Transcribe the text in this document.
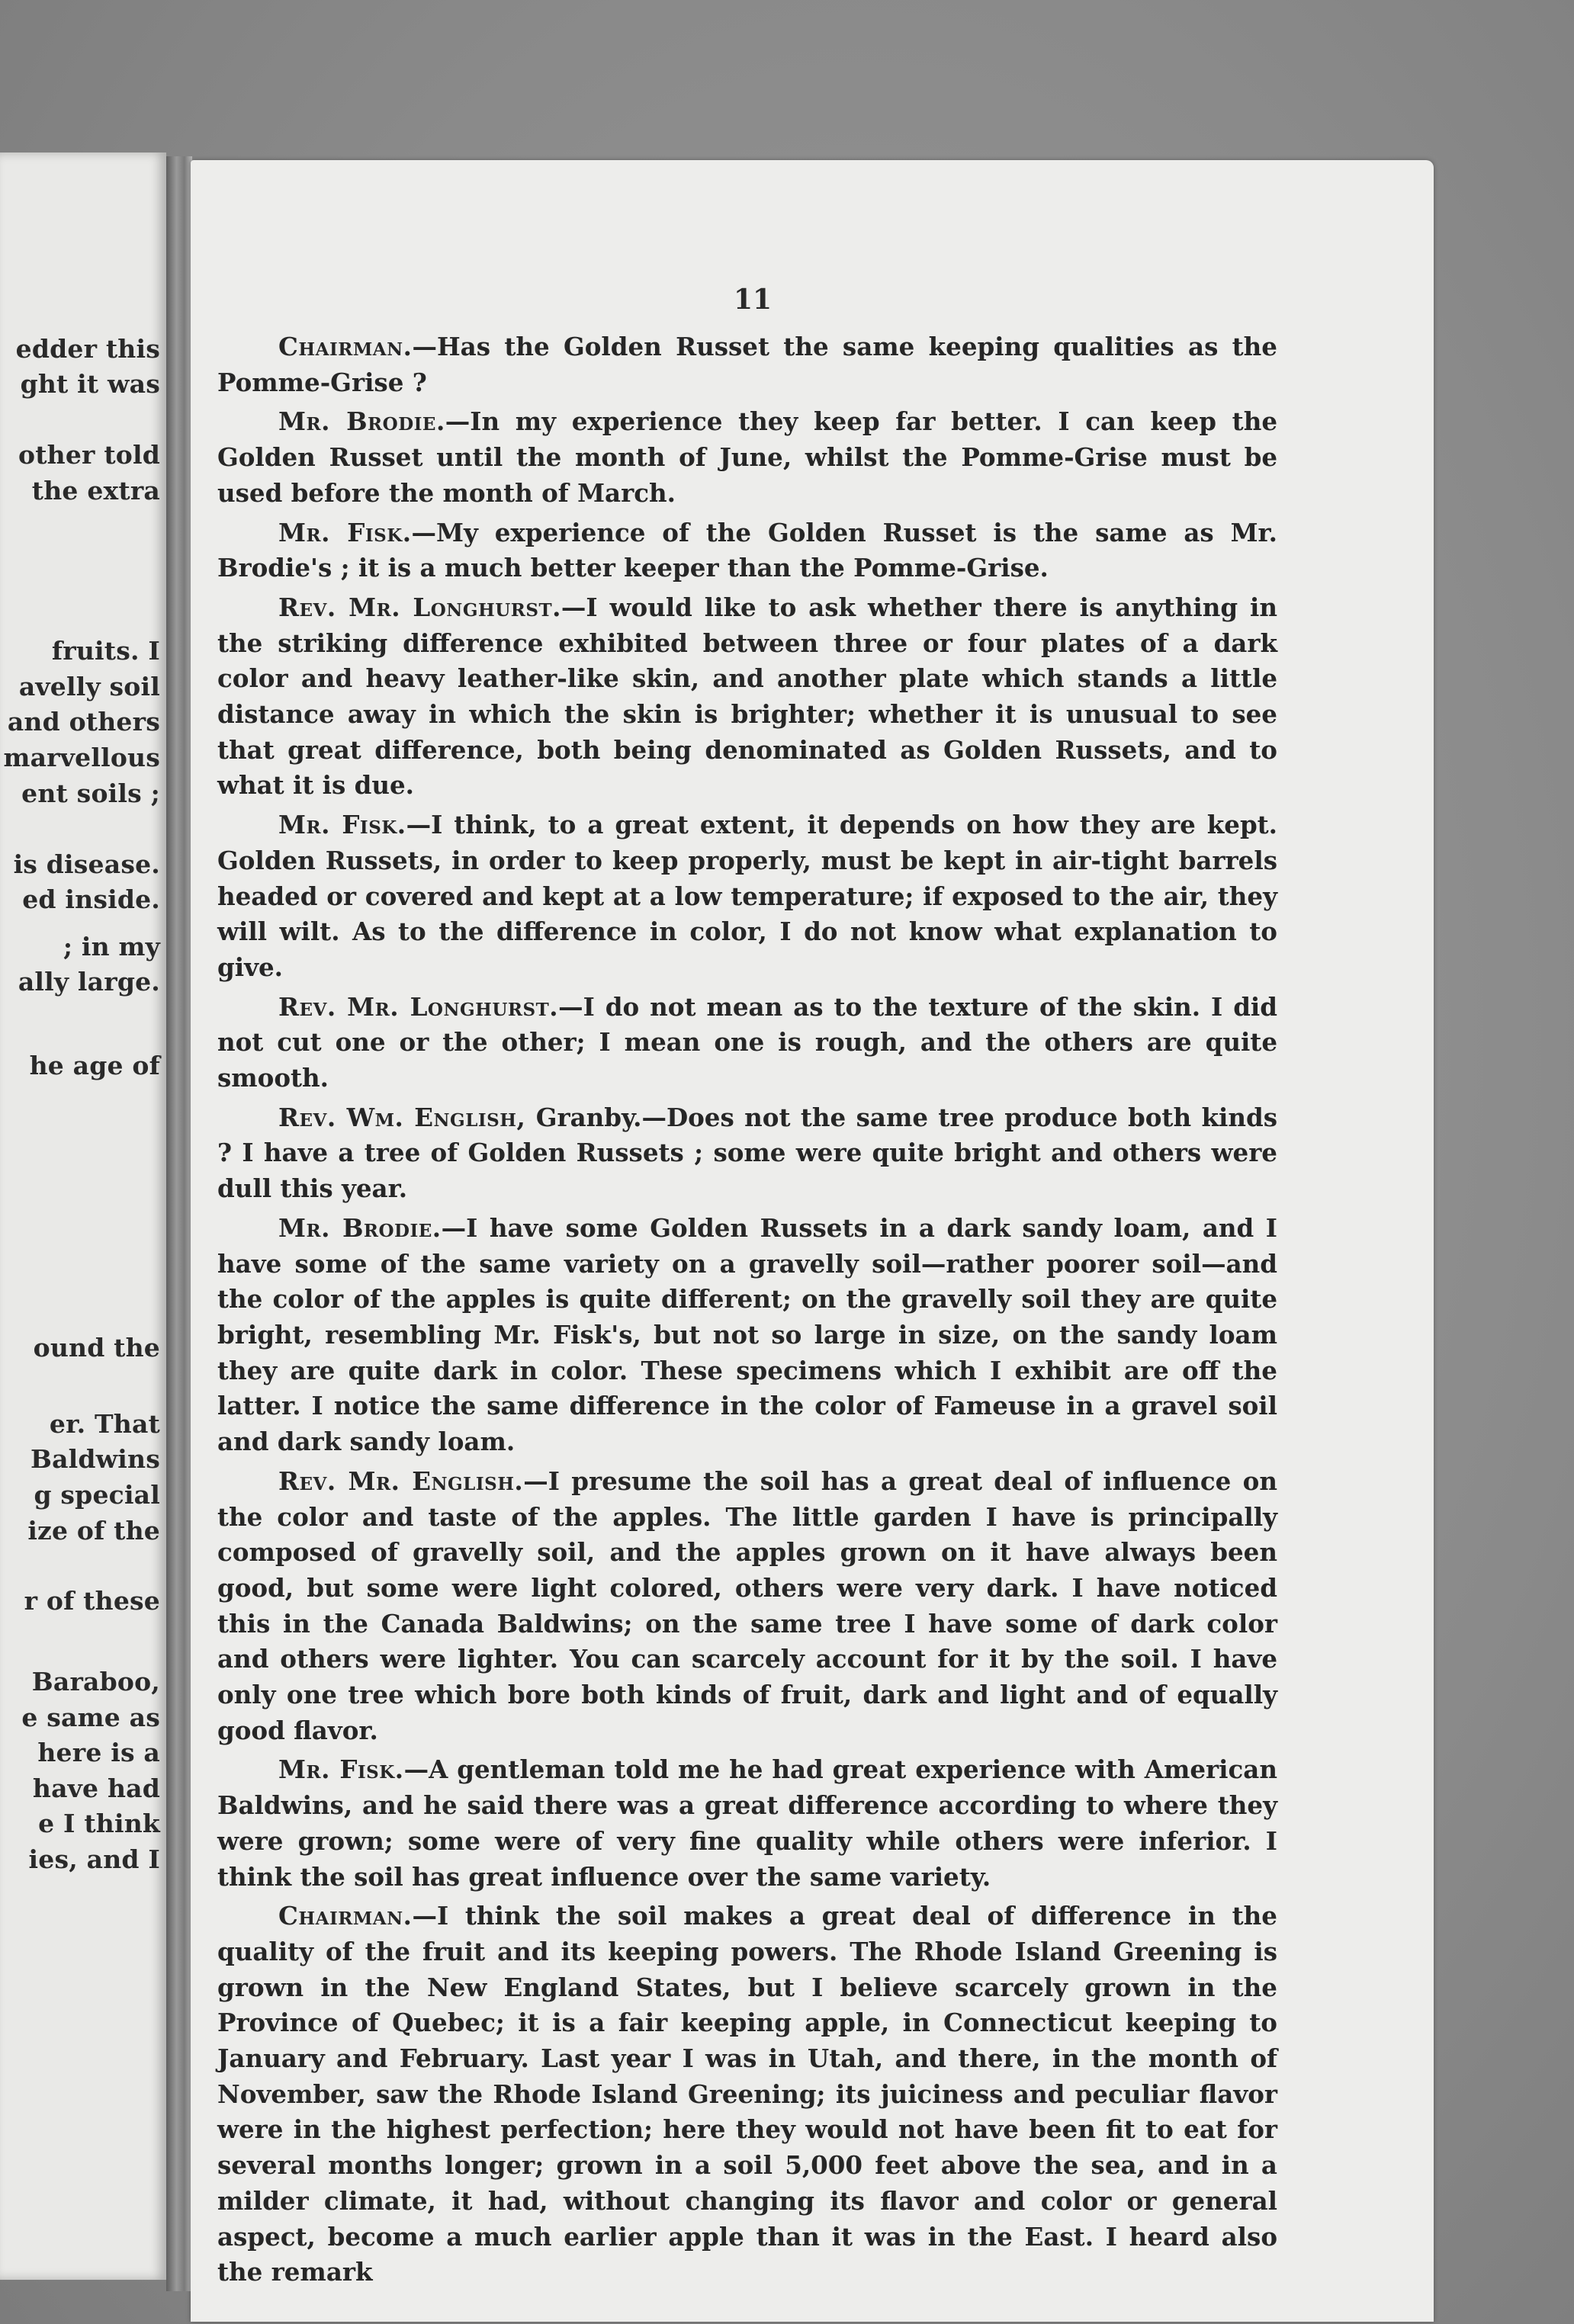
edder this
ght it was
other told
the extra
fruits. I
avelly soil
and others
marvellous
ent soils ;
is disease.
ed inside.
; in my
ally large.
he age of
ound the
er. That
Baldwins
g special
ize of the
r of these
Baraboo,
e same as
here is a
have had
e I think
ies, and I
11

Chairman.—Has the Golden Russet the same keeping qualities as the Pomme-Grise ?

Mr. Brodie.—In my experience they keep far better. I can keep the Golden Russet until the month of June, whilst the Pomme-Grise must be used before the month of March.

Mr. Fisk.—My experience of the Golden Russet is the same as Mr. Brodie's ; it is a much better keeper than the Pomme-Grise.

Rev. Mr. Longhurst.—I would like to ask whether there is anything in the striking difference exhibited between three or four plates of a dark color and heavy leather-like skin, and another plate which stands a little distance away in which the skin is brighter; whether it is unusual to see that great difference, both being denominated as Golden Russets, and to what it is due.

Mr. Fisk.—I think, to a great extent, it depends on how they are kept. Golden Russets, in order to keep properly, must be kept in air-tight barrels headed or covered and kept at a low temperature; if exposed to the air, they will wilt. As to the difference in color, I do not know what explanation to give.

Rev. Mr. Longhurst.—I do not mean as to the texture of the skin. I did not cut one or the other; I mean one is rough, and the others are quite smooth.

Rev. Wm. English, Granby.—Does not the same tree produce both kinds ? I have a tree of Golden Russets ; some were quite bright and others were dull this year.

Mr. Brodie.—I have some Golden Russets in a dark sandy loam, and I have some of the same variety on a gravelly soil—rather poorer soil—and the color of the apples is quite different; on the gravelly soil they are quite bright, resembling Mr. Fisk's, but not so large in size, on the sandy loam they are quite dark in color. These specimens which I exhibit are off the latter. I notice the same difference in the color of Fameuse in a gravel soil and dark sandy loam.

Rev. Mr. English.—I presume the soil has a great deal of influence on the color and taste of the apples. The little garden I have is principally composed of gravelly soil, and the apples grown on it have always been good, but some were light colored, others were very dark. I have noticed this in the Canada Baldwins; on the same tree I have some of dark color and others were lighter. You can scarcely account for it by the soil. I have only one tree which bore both kinds of fruit, dark and light and of equally good flavor.

Mr. Fisk.—A gentleman told me he had great experience with American Baldwins, and he said there was a great difference according to where they were grown; some were of very fine quality while others were inferior. I think the soil has great influence over the same variety.

Chairman.—I think the soil makes a great deal of difference in the quality of the fruit and its keeping powers. The Rhode Island Greening is grown in the New England States, but I believe scarcely grown in the Province of Quebec; it is a fair keeping apple, in Connecticut keeping to January and February. Last year I was in Utah, and there, in the month of November, saw the Rhode Island Greening; its juiciness and peculiar flavor were in the highest perfection; here they would not have been fit to eat for several months longer; grown in a soil 5,000 feet above the sea, and in a milder climate, it had, without changing its flavor and color or general aspect, become a much earlier apple than it was in the East. I heard also the remark
